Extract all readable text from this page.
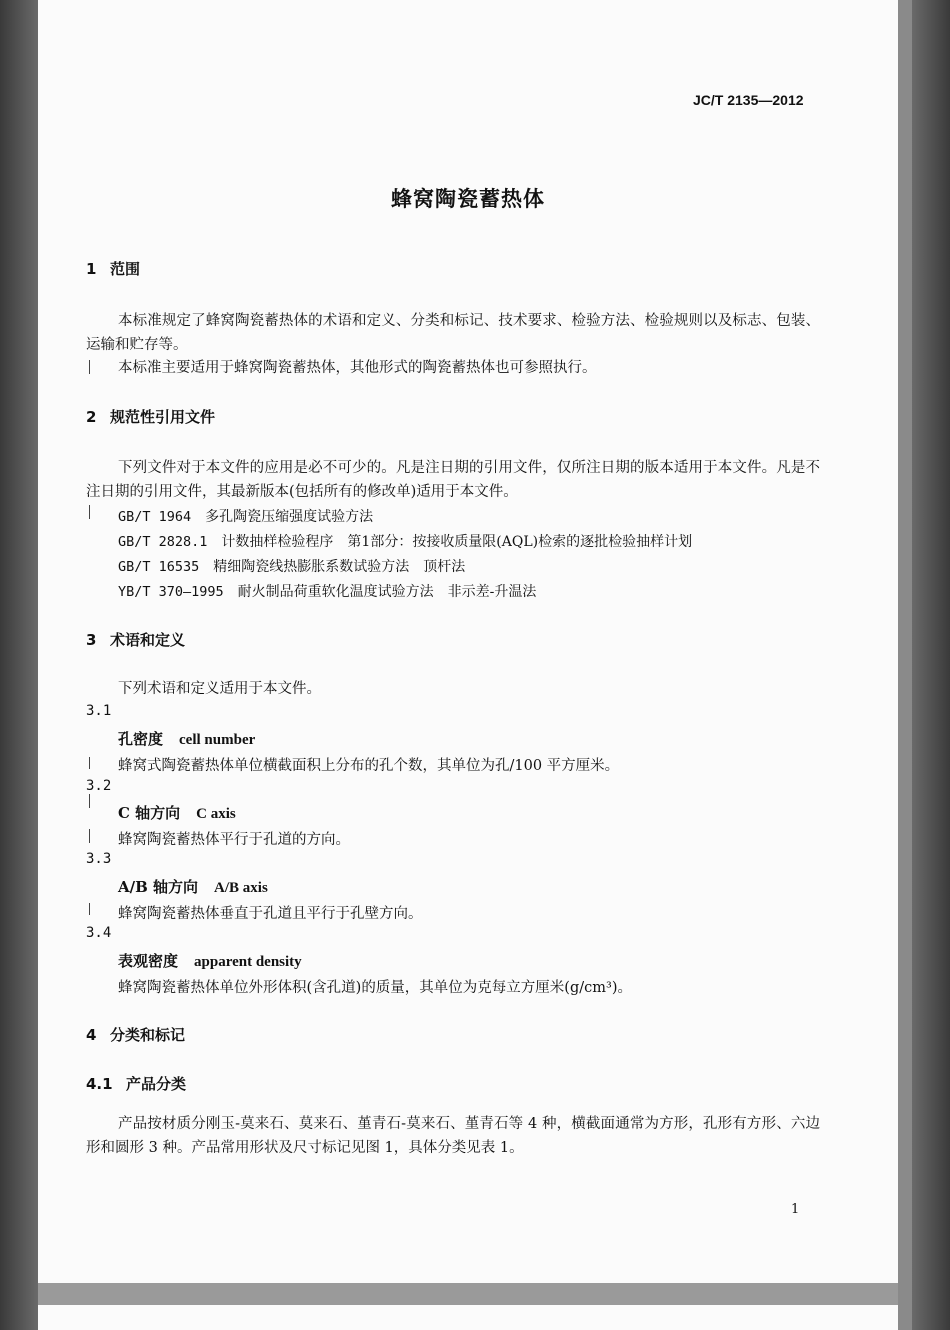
JC/T 2135—2012
蜂窝陶瓷蓄热体
1 范围
本标准规定了蜂窝陶瓷蓄热体的术语和定义、分类和标记、技术要求、检验方法、检验规则以及标志、包装、运输和贮存等。
本标准主要适用于蜂窝陶瓷蓄热体，其他形式的陶瓷蓄热体也可参照执行。
2 规范性引用文件
下列文件对于本文件的应用是必不可少的。凡是注日期的引用文件，仅所注日期的版本适用于本文件。凡是不注日期的引用文件，其最新版本(包括所有的修改单)适用于本文件。
GB/T 1964 多孔陶瓷压缩强度试验方法
GB/T 2828.1 计数抽样检验程序　第1部分：按接收质量限(AQL)检索的逐批检验抽样计划
GB/T 16535 精细陶瓷线热膨胀系数试验方法　顶杆法
YB/T 370—1995 耐火制品荷重软化温度试验方法　非示差-升温法
3 术语和定义
下列术语和定义适用于本文件。
3.1
孔密度 cell number
蜂窝式陶瓷蓄热体单位横截面积上分布的孔个数，其单位为孔/100 平方厘米。
3.2
C 轴方向 C axis
蜂窝陶瓷蓄热体平行于孔道的方向。
3.3
A/B 轴方向 A/B axis
蜂窝陶瓷蓄热体垂直于孔道且平行于孔壁方向。
3.4
表观密度 apparent density
蜂窝陶瓷蓄热体单位外形体积(含孔道)的质量，其单位为克每立方厘米(g/cm³)。
4 分类和标记
4.1 产品分类
产品按材质分刚玉-莫来石、莫来石、堇青石-莫来石、堇青石等 4 种，横截面通常为方形，孔形有方形、六边形和圆形 3 种。产品常用形状及尺寸标记见图 1，具体分类见表 1。
1
